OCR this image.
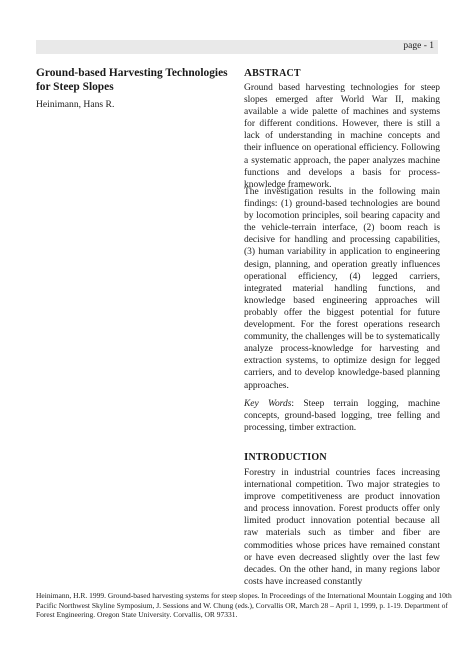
page - 1
Ground-based Harvesting Technologies for Steep Slopes
Heinimann, Hans R.
ABSTRACT
Ground based harvesting technologies for steep slopes emerged after World War II, making available a wide palette of machines and systems for different conditions. However, there is still a lack of understanding in machine concepts and their influence on operational efficiency. Following a systematic approach, the paper analyzes machine functions and develops a basis for process-knowledge framework.
The investigation results in the following main findings: (1) ground-based technologies are bound by locomotion principles, soil bearing capacity and the vehicle-terrain interface, (2) boom reach is decisive for handling and processing capabilities, (3) human variability in application to engineering design, planning, and operation greatly influences operational efficiency, (4) legged carriers, integrated material handling functions, and knowledge based engineering approaches will probably offer the biggest potential for future development. For the forest operations research community, the challenges will be to systematically analyze process-knowledge for harvesting and extraction systems, to optimize design for legged carriers, and to develop knowledge-based planning approaches.
Key Words: Steep terrain logging, machine concepts, ground-based logging, tree felling and processing, timber extraction.
INTRODUCTION
Forestry in industrial countries faces increasing international competition. Two major strategies to improve competitiveness are product innovation and process innovation. Forest products offer only limited product innovation potential because all raw materials such as timber and fiber are commodities whose prices have remained constant or have even decreased slightly over the last few decades. On the other hand, in many regions labor costs have increased constantly
Heinimann, H.R. 1999. Ground-based harvesting systems for steep slopes. In Proceedings of the International Mountain Logging and 10th Pacific Northwest Skyline Symposium, J. Sessions and W. Chung (eds.), Corvallis OR, March 28 – April 1, 1999, p. 1-19. Department of Forest Engineering. Oregon State University. Corvallis, OR 97331.
